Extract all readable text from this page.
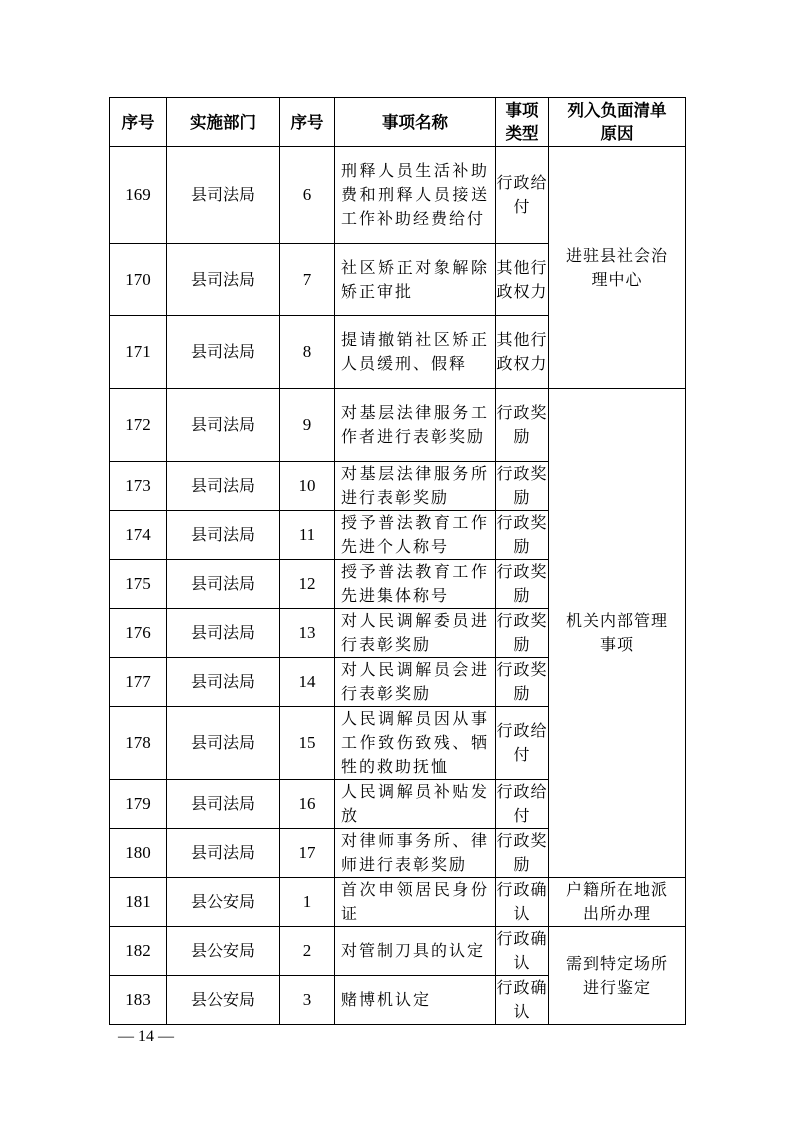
序号	实施部门	序号	事项名称	事项类型	列入负面清单原因
169	县司法局	6	刑释人员生活补助费和刑释人员接送工作补助经费给付	行政给付	进驻县社会治理中心
170	县司法局	7	社区矫正对象解除矫正审批	其他行政权力	
171	县司法局	8	提请撤销社区矫正人员缓刑、假释	其他行政权力	
172	县司法局	9	对基层法律服务工作者进行表彰奖励	行政奖励	机关内部管理事项
173	县司法局	10	对基层法律服务所进行表彰奖励	行政奖励	
174	县司法局	11	授予普法教育工作先进个人称号	行政奖励	
175	县司法局	12	授予普法教育工作先进集体称号	行政奖励	
176	县司法局	13	对人民调解委员进行表彰奖励	行政奖励	
177	县司法局	14	对人民调解员会进行表彰奖励	行政奖励	
178	县司法局	15	人民调解员因从事工作致伤致残、牺牲的救助抚恤	行政给付	
179	县司法局	16	人民调解员补贴发放	行政给付	
180	县司法局	17	对律师事务所、律师进行表彰奖励	行政奖励	
181	县公安局	1	首次申领居民身份证	行政确认	户籍所在地派出所办理
182	县公安局	2	对管制刀具的认定	行政确认	需到特定场所进行鉴定
183	县公安局	3	赌博机认定	行政确认	
— 14 —
